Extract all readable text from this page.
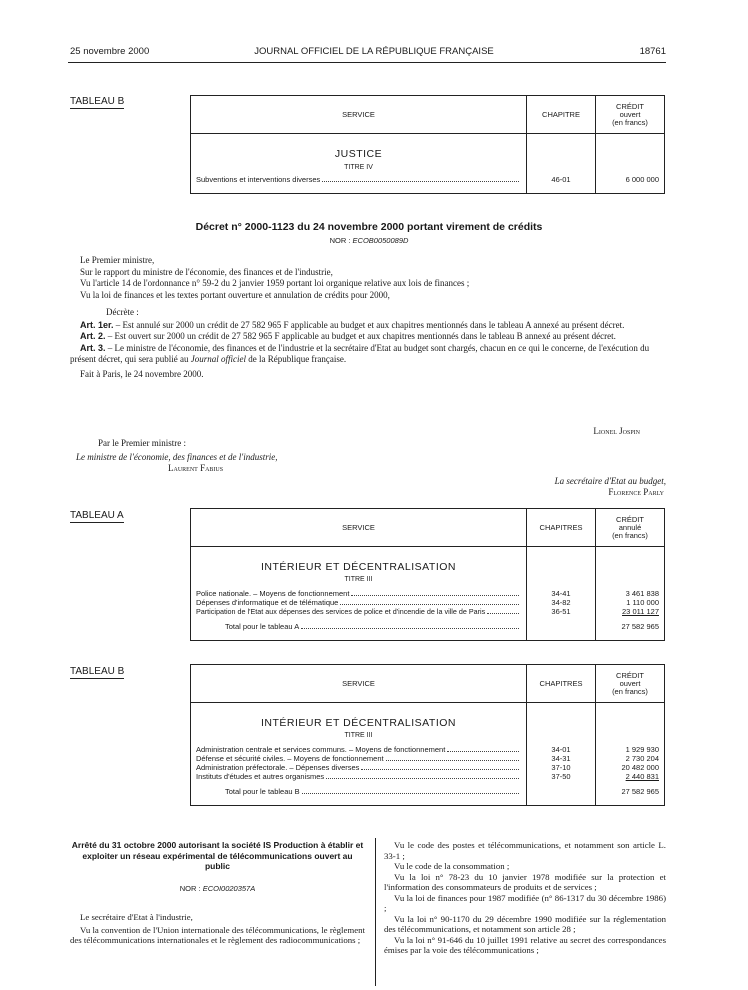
25 novembre 2000	JOURNAL OFFICIEL DE LA RÉPUBLIQUE FRANÇAISE	18761
TABLEAU B
SERVICE	CHAPITRE	CRÉDIT
ouvert
(en francs)

JUSTICE
TITRE IV		

Subventions et interventions diverses	46-01	6 000 000
Décret n° 2000-1123 du 24 novembre 2000 portant virement de crédits
NOR : ECOB0050089D
Le Premier ministre,
Sur le rapport du ministre de l'économie, des finances et de l'industrie,
Vu l'article 14 de l'ordonnance n° 59-2 du 2 janvier 1959 portant loi organique relative aux lois de finances ;
Vu la loi de finances et les textes portant ouverture et annulation de crédits pour 2000,
Décrète :
Art. 1er. – Est annulé sur 2000 un crédit de 27 582 965 F applicable au budget et aux chapitres mentionnés dans le tableau A annexé au présent décret.
Art. 2. – Est ouvert sur 2000 un crédit de 27 582 965 F applicable au budget et aux chapitres mentionnés dans le tableau B annexé au présent décret.
Art. 3. – Le ministre de l'économie, des finances et de l'industrie et la secrétaire d'Etat au budget sont chargés, chacun en ce qui le concerne, de l'exécution du présent décret, qui sera publié au Journal officiel de la République française.
Fait à Paris, le 24 novembre 2000.
Lionel Jospin
Par le Premier ministre :
Le ministre de l'économie, des finances et de l'industrie,
Laurent Fabius
La secrétaire d'Etat au budget,
Florence Parly
TABLEAU A
SERVICE	CHAPITRES	CRÉDIT
annulé
(en francs)

INTÉRIEUR ET DÉCENTRALISATION
TITRE III		

Police nationale. – Moyens de fonctionnement	34-41	3 461 838

Dépenses d'informatique et de télématique	34-82	1 110 000

Participation de l'Etat aux dépenses des services de police et d'incendie de la ville de Paris	36-51	23 011 127

Total pour le tableau A		27 582 965
TABLEAU B
SERVICE	CHAPITRES	CRÉDIT
ouvert
(en francs)

INTÉRIEUR ET DÉCENTRALISATION
TITRE III		

Administration centrale et services communs. – Moyens de fonctionnement	34-01	1 929 930

Défense et sécurité civiles. – Moyens de fonctionnement	34-31	2 730 204

Administration préfectorale. – Dépenses diverses	37-10	20 482 000

Instituts d'études et autres organismes	37-50	2 440 831

Total pour le tableau B		27 582 965
Arrêté du 31 octobre 2000 autorisant la société IS Production à établir et exploiter un réseau expérimental de télécommunications ouvert au public
NOR : ECOI0020357A
Le secrétaire d'Etat à l'industrie,
Vu la convention de l'Union internationale des télécommunications, le règlement des télécommunications internationales et le règlement des radiocommunications ;
Vu le code des postes et télécommunications, et notamment son article L. 33-1 ;
Vu le code de la consommation ;
Vu la loi n° 78-23 du 10 janvier 1978 modifiée sur la protection et l'information des consommateurs de produits et de services ;
Vu la loi de finances pour 1987 modifiée (n° 86-1317 du 30 décembre 1986) ;
Vu la loi n° 90-1170 du 29 décembre 1990 modifiée sur la réglementation des télécommunications, et notamment son article 28 ;
Vu la loi n° 91-646 du 10 juillet 1991 relative au secret des correspondances émises par la voie des télécommunications ;
